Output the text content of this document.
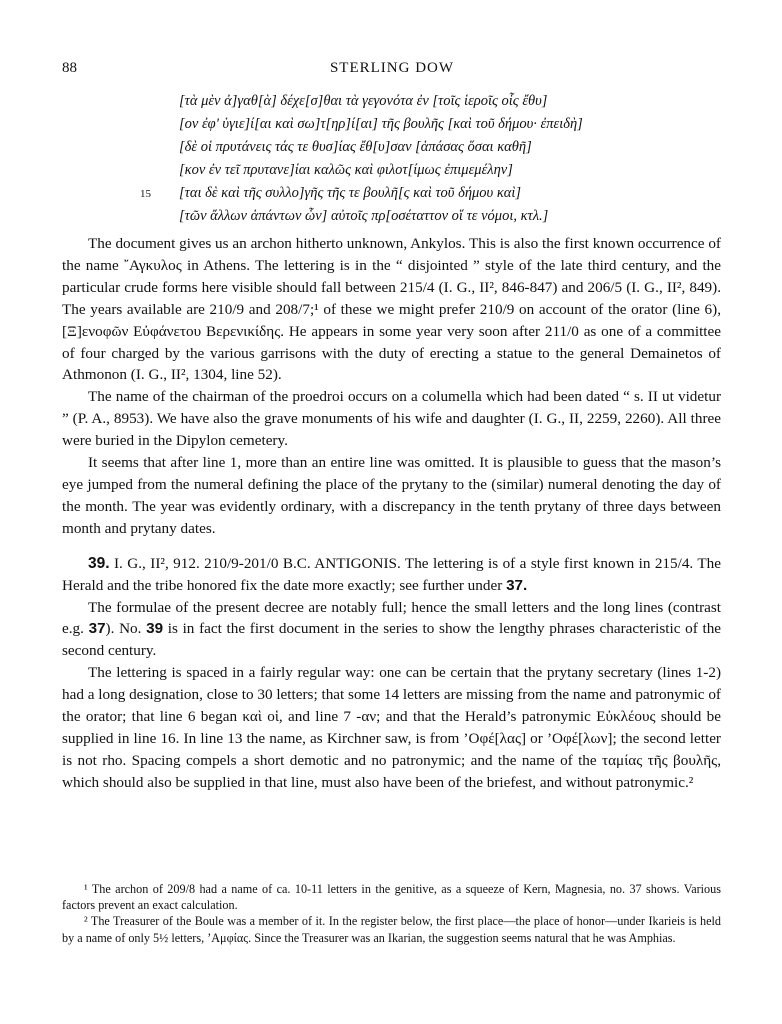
88	STERLING DOW
[τὰ μὲν ἀ]γαθ[ὰ] δέχε[σ]θαι τὰ γεγονότα ἐν [τοῖς ἱεροῖς οἷς ἔθυ]
[ον ἐφ' ὑγιε]ί[αι καὶ σω]τ[ηρ]ί[αι] τῆς βουλῆς [καὶ τοῦ δήμου· ἐπειδὴ]
[δὲ οἱ πρυτάνεις τάς τε θυσ]ίας ἔθ[υ]σαν [ἁπάσας ὅσαι καθῆ]
[κον ἐν τεῖ πρυτανε]ίαι καλῶς καὶ φιλοτ[ίμως ἐπιμεμέλην]
15 [ται δὲ καὶ τῆς συλλο]γῆς τῆς τε βουλῆ[ς καὶ τοῦ δήμου καὶ]
[τῶν ἄλλων ἁπάντων ὧν] αὐτοῖς πρ[οσέταττον οἵ τε νόμοι, κτλ.]

The document gives us an archon hitherto unknown, Ankylos. This is also the first known occurrence of the name ῎Αγκυλος in Athens. The lettering is in the “ disjointed ” style of the late third century, and the particular crude forms here visible should fall between 215/4 (I. G., II², 846-847) and 206/5 (I. G., II², 849). The years available are 210/9 and 208/7;¹ of these we might prefer 210/9 on account of the orator (line 6), [Ξ]ενοφῶν Εὐφάνετου Βερενικίδης. He appears in some year very soon after 211/0 as one of a committee of four charged by the various garrisons with the duty of erecting a statue to the general Demainetos of Athmonon (I. G., II², 1304, line 52).

The name of the chairman of the proedroi occurs on a columella which had been dated “ s. II ut videtur ” (P. A., 8953). We have also the grave monuments of his wife and daughter (I. G., II, 2259, 2260). All three were buried in the Dipylon cemetery.

It seems that after line 1, more than an entire line was omitted. It is plausible to guess that the mason’s eye jumped from the numeral defining the place of the prytany to the (similar) numeral denoting the day of the month. The year was evidently ordinary, with a discrepancy in the tenth prytany of three days between month and prytany dates.

39. I. G., II², 912. 210/9-201/0 B.C. ANTIGONIS. The lettering is of a style first known in 215/4. The Herald and the tribe honored fix the date more exactly; see further under 37.

The formulae of the present decree are notably full; hence the small letters and the long lines (contrast e.g. 37). No. 39 is in fact the first document in the series to show the lengthy phrases characteristic of the second century.

The lettering is spaced in a fairly regular way: one can be certain that the prytany secretary (lines 1-2) had a long designation, close to 30 letters; that some 14 letters are missing from the name and patronymic of the orator; that line 6 began καὶ οἱ, and line 7 -αν; and that the Herald’s patronymic Εὐκλέους should be supplied in line 16. In line 13 the name, as Kirchner saw, is from ’Οφέ[λας] or ’Οφέ[λων]; the second letter is not rho. Spacing compels a short demotic and no patronymic; and the name of the ταμίας τῆς βουλῆς, which should also be supplied in that line, must also have been of the briefest, and without patronymic.²

¹ The archon of 209/8 had a name of ca. 10-11 letters in the genitive, as a squeeze of Kern, Magnesia, no. 37 shows. Various factors prevent an exact calculation.

² The Treasurer of the Boule was a member of it. In the register below, the first place—the place of honor—under Ikarieis is held by a name of only 5½ letters, ’Αμφίας. Since the Treasurer was an Ikarian, the suggestion seems natural that he was Amphias.
